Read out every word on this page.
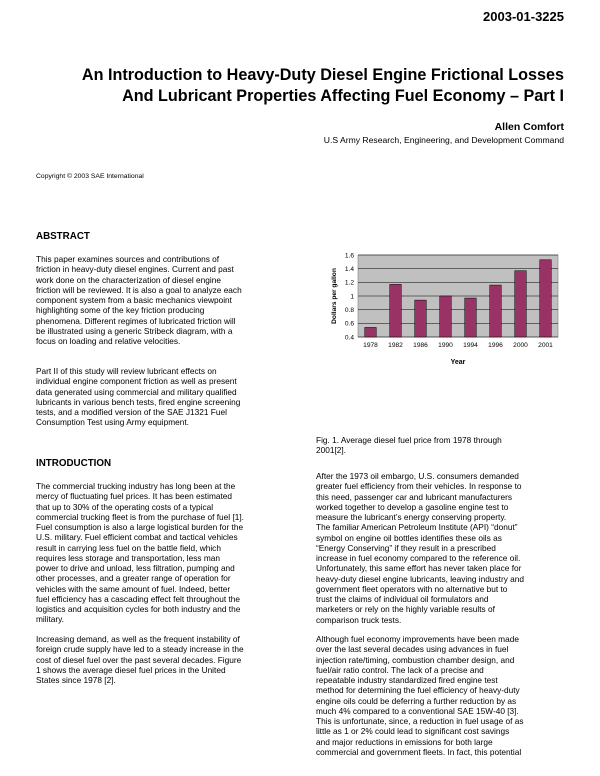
2003-01-3225
An Introduction to Heavy-Duty Diesel Engine Frictional Losses
And Lubricant Properties Affecting Fuel Economy – Part I
Allen Comfort
U.S Army Research, Engineering, and Development Command
Copyright © 2003 SAE International
ABSTRACT
This paper examines sources and contributions of
friction in heavy-duty diesel engines. Current and past
work done on the characterization of diesel engine
friction will be reviewed. It is also a goal to analyze each
component system from a basic mechanics viewpoint
highlighting some of the key friction producing
phenomena. Different regimes of lubricated friction will
be illustrated using a generic Stribeck diagram, with a
focus on loading and relative velocities.
Part II of this study will review lubricant effects on
individual engine component friction as well as present
data generated using commercial and military qualified
lubricants in various bench tests, fired engine screening
tests, and a modified version of the SAE J1321 Fuel
Consumption Test using Army equipment.
INTRODUCTION
The commercial trucking industry has long been at the
mercy of fluctuating fuel prices. It has been estimated
that up to 30% of the operating costs of a typical
commercial trucking fleet is from the purchase of fuel [1].
Fuel consumption is also a large logistical burden for the
U.S. military. Fuel efficient combat and tactical vehicles
result in carrying less fuel on the battle field, which
requires less storage and transportation, less man
power to drive and unload, less filtration, pumping and
other processes, and a greater range of operation for
vehicles with the same amount of fuel. Indeed, better
fuel efficiency has a cascading effect felt throughout the
logistics and acquisition cycles for both industry and the
military.
Increasing demand, as well as the frequent instability of
foreign crude supply have led to a steady increase in the
cost of diesel fuel over the past several decades. Figure
1 shows the average diesel fuel prices in the United
States since 1978 [2].
0.4
0.6
0.8
1
1.2
1.4
1.6
1978 1982 1986 1990 1994 1996 2000 2001
Dollars per gallon
Year
Fig. 1. Average diesel fuel price from 1978 through
2001[2].
After the 1973 oil embargo, U.S. consumers demanded
greater fuel efficiency from their vehicles. In response to
this need, passenger car and lubricant manufacturers
worked together to develop a gasoline engine test to
measure the lubricant’s energy conserving property.
The familiar American Petroleum Institute (API) “donut”
symbol on engine oil bottles identifies these oils as
“Energy Conserving” if they result in a prescribed
increase in fuel economy compared to the reference oil.
Unfortunately, this same effort has never taken place for
heavy-duty diesel engine lubricants, leaving industry and
government fleet operators with no alternative but to
trust the claims of individual oil formulators and
marketers or rely on the highly variable results of
comparison truck tests.
Although fuel economy improvements have been made
over the last several decades using advances in fuel
injection rate/timing, combustion chamber design, and
fuel/air ratio control. The lack of a precise and
repeatable industry standardized fired engine test
method for determining the fuel efficiency of heavy-duty
engine oils could be deferring a further reduction by as
much 4% compared to a conventional SAE 15W-40 [3].
This is unfortunate, since, a reduction in fuel usage of as
little as 1 or 2% could lead to significant cost savings
and major reductions in emissions for both large
commercial and government fleets. In fact, this potential
